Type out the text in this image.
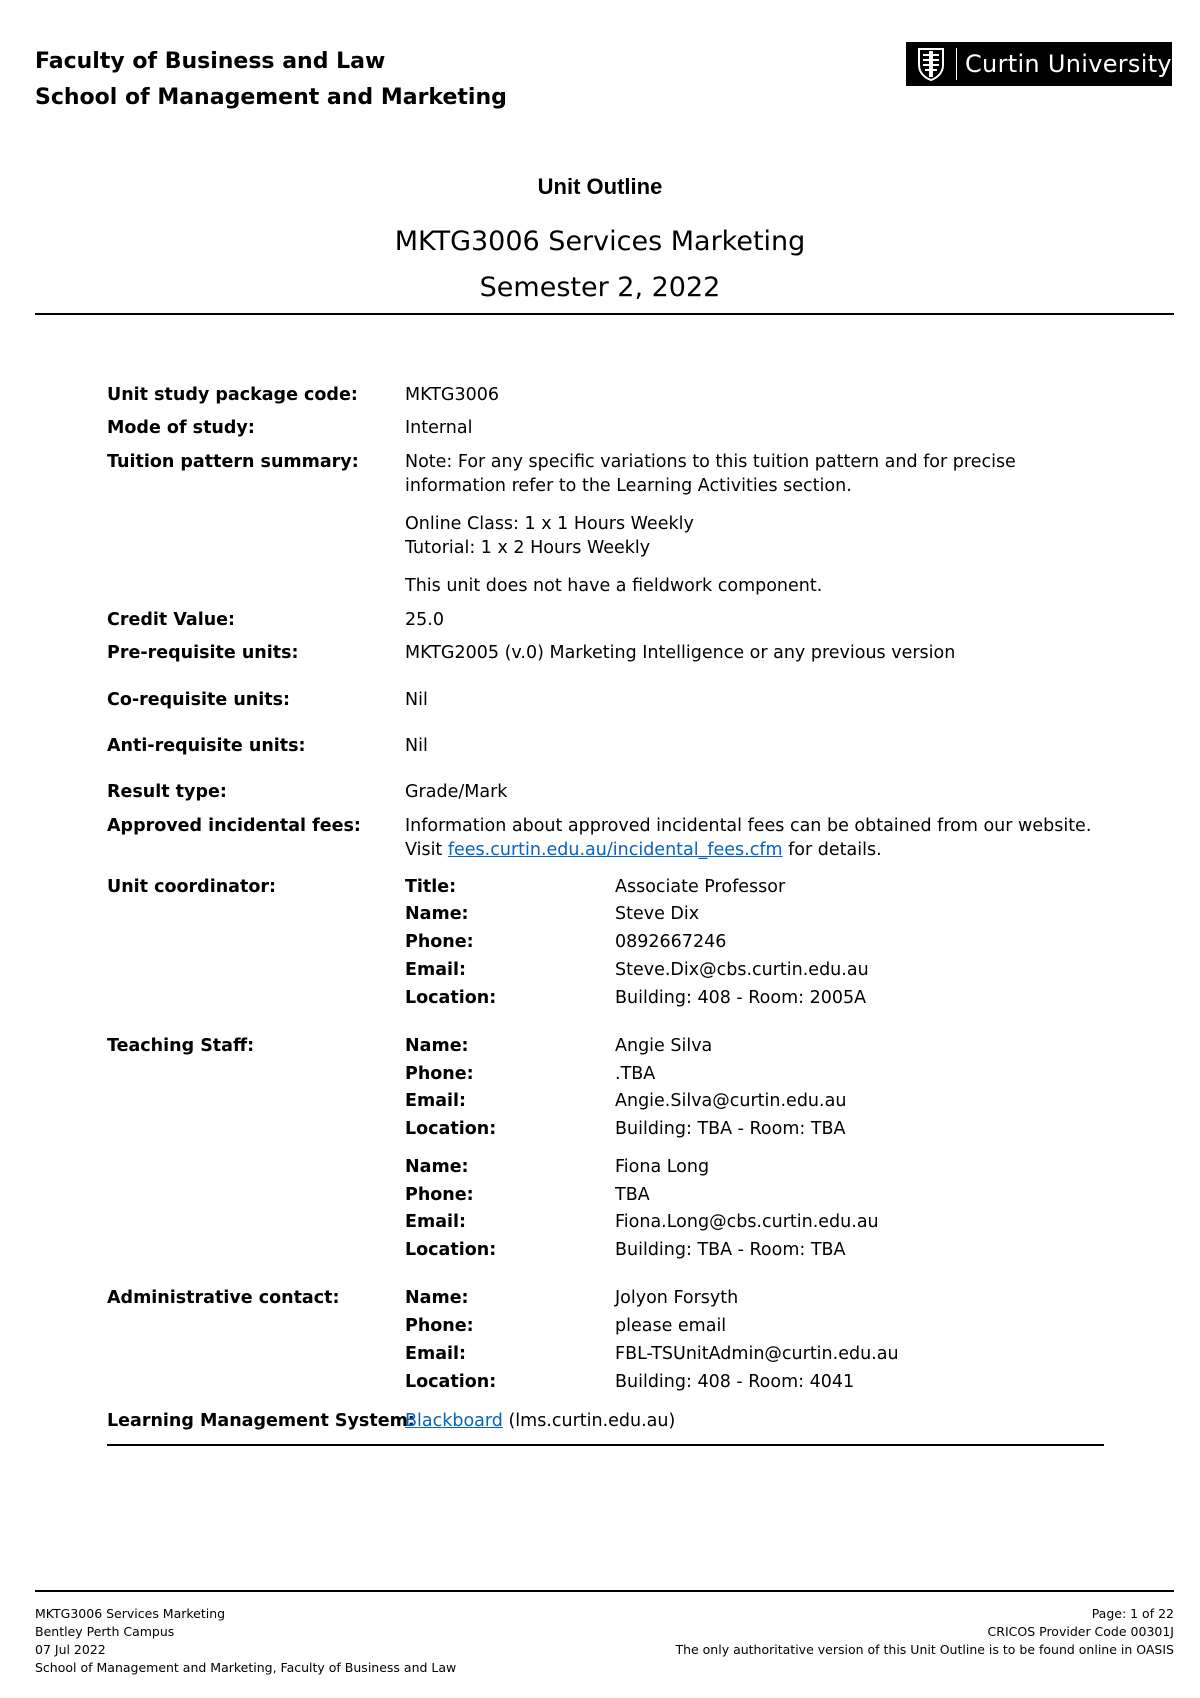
Faculty of Business and Law
School of Management and Marketing
Curtin University
Unit Outline
MKTG3006 Services Marketing
Semester 2, 2022
Unit study package code:	MKTG3006
Mode of study:	Internal
Tuition pattern summary:	Note: For any specific variations to this tuition pattern and for precise
information refer to the Learning Activities section.
Online Class: 1 x 1 Hours Weekly
Tutorial: 1 x 2 Hours Weekly
This unit does not have a fieldwork component.
Credit Value:	25.0
Pre-requisite units:	MKTG2005 (v.0) Marketing Intelligence or any previous version
Co-requisite units:	Nil
Anti-requisite units:	Nil
Result type:	Grade/Mark
Approved incidental fees:	Information about approved incidental fees can be obtained from our website.
Visit fees.curtin.edu.au/incidental_fees.cfm for details.
Unit coordinator:	Title:	Associate Professor
Name:	Steve Dix
Phone:	0892667246
Email:	Steve.Dix@cbs.curtin.edu.au
Location:	Building: 408 - Room: 2005A
Teaching Staff:	Name:	Angie Silva
Phone:	.TBA
Email:	Angie.Silva@curtin.edu.au
Location:	Building: TBA - Room: TBA
Name:	Fiona Long
Phone:	TBA
Email:	Fiona.Long@cbs.curtin.edu.au
Location:	Building: TBA - Room: TBA
Administrative contact:	Name:	Jolyon Forsyth
Phone:	please email
Email:	FBL-TSUnitAdmin@curtin.edu.au
Location:	Building: 408 - Room: 4041
Learning Management System:
Blackboard (lms.curtin.edu.au)
MKTG3006 Services Marketing
Bentley Perth Campus
07 Jul 2022
School of Management and Marketing, Faculty of Business and Law
Page: 1 of 22
CRICOS Provider Code 00301J
The only authoritative version of this Unit Outline is to be found online in OASIS
